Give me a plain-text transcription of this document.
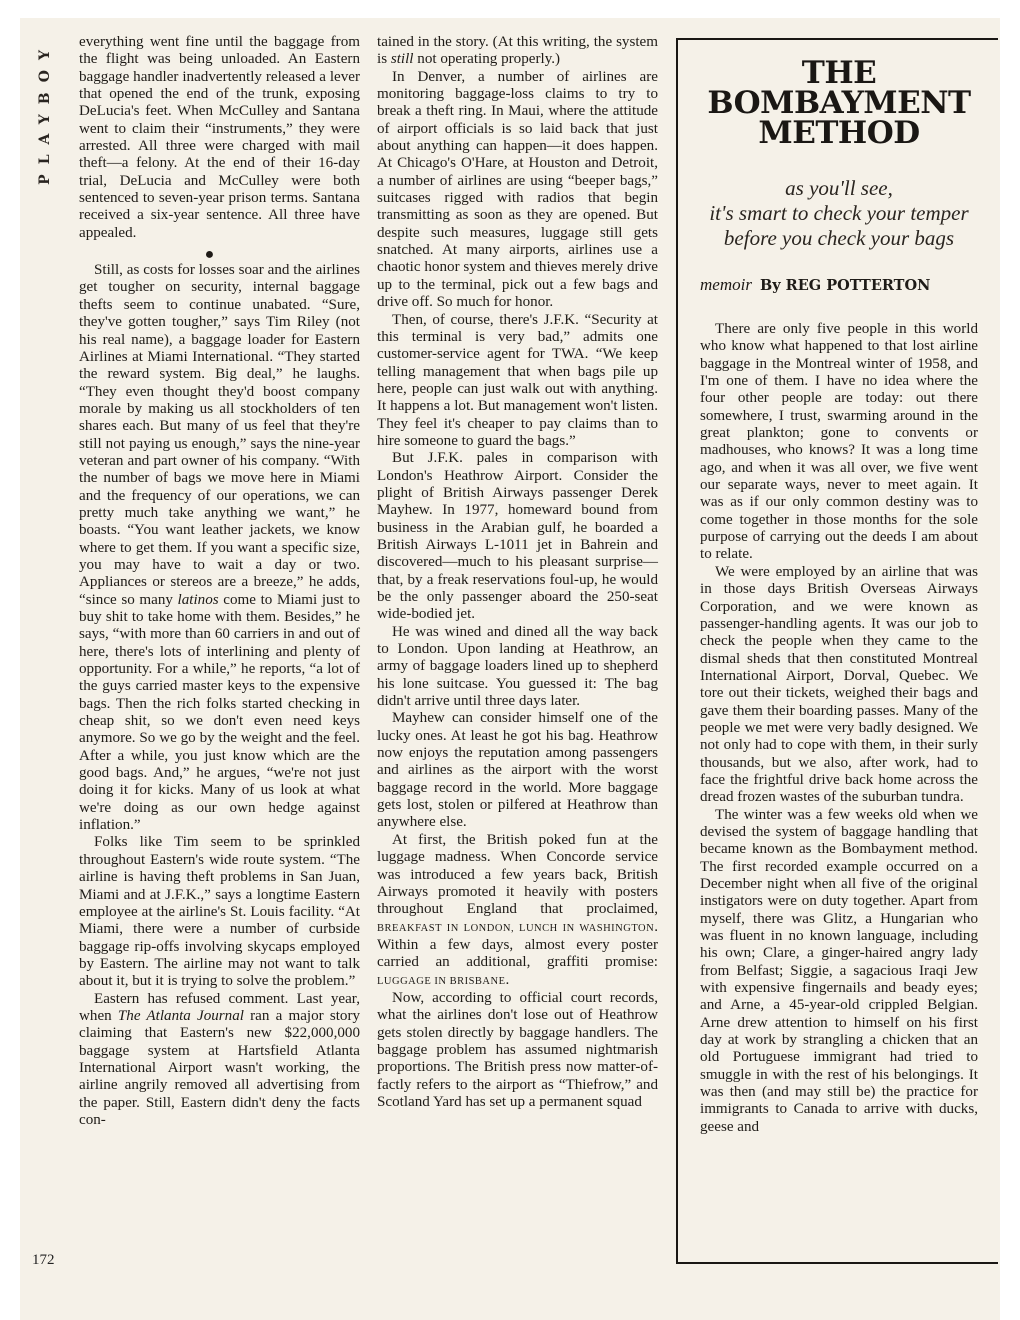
PLAYBOY everything went fine until the baggage from the flight was being unloaded. An Eastern baggage handler inadvertently released a lever that opened the end of the trunk, exposing DeLucia's feet. When McCulley and Santana went to claim their “instruments,” they were arrested. All three were charged with mail theft—a felony. At the end of their 16-day trial, DeLucia and McCulley were both sentenced to seven-year prison terms. Santana received a six-year sentence. All three have appealed.

●

Still, as costs for losses soar and the airlines get tougher on security, internal baggage thefts seem to continue unabated. “Sure, they've gotten tougher,” says Tim Riley (not his real name), a baggage loader for Eastern Airlines at Miami International. “They started the reward system. Big deal,” he laughs. “They even thought they'd boost company morale by making us all stockholders of ten shares each. But many of us feel that they're still not paying us enough,” says the nine-year veteran and part owner of his company. “With the number of bags we move here in Miami and the frequency of our operations, we can pretty much take anything we want,” he boasts. “You want leather jackets, we know where to get them. If you want a specific size, you may have to wait a day or two. Appliances or stereos are a breeze,” he adds, “since so many latinos come to Miami just to buy shit to take home with them. Besides,” he says, “with more than 60 carriers in and out of here, there's lots of interlining and plenty of opportunity. For a while,” he reports, “a lot of the guys carried master keys to the expensive bags. Then the rich folks started checking in cheap shit, so we don't even need keys anymore. So we go by the weight and the feel. After a while, you just know which are the good bags. And,” he argues, “we're not just doing it for kicks. Many of us look at what we're doing as our own hedge against inflation.”

Folks like Tim seem to be sprinkled throughout Eastern's wide route system. “The airline is having theft problems in San Juan, Miami and at J.F.K.,” says a longtime Eastern employee at the airline's St. Louis facility. “At Miami, there were a number of curbside baggage rip-offs involving skycaps employed by Eastern. The airline may not want to talk about it, but it is trying to solve the problem.”

Eastern has refused comment. Last year, when The Atlanta Journal ran a major story claiming that Eastern's new $22,000,000 baggage system at Hartsfield Atlanta International Airport wasn't working, the airline angrily removed all advertising from the paper. Still, Eastern didn't deny the facts con-

tained in the story. (At this writing, the system is still not operating properly.)

In Denver, a number of airlines are monitoring baggage-loss claims to try to break a theft ring. In Maui, where the attitude of airport officials is so laid back that just about anything can happen—it does happen. At Chicago's O'Hare, at Houston and Detroit, a number of airlines are using “beeper bags,” suitcases rigged with radios that begin transmitting as soon as they are opened. But despite such measures, luggage still gets snatched. At many airports, airlines use a chaotic honor system and thieves merely drive up to the terminal, pick out a few bags and drive off. So much for honor.

Then, of course, there's J.F.K. “Security at this terminal is very bad,” admits one customer-service agent for TWA. “We keep telling management that when bags pile up here, people can just walk out with anything. It happens a lot. But management won't listen. They feel it's cheaper to pay claims than to hire someone to guard the bags.”

But J.F.K. pales in comparison with London's Heathrow Airport. Consider the plight of British Airways passenger Derek Mayhew. In 1977, homeward bound from business in the Arabian gulf, he boarded a British Airways L-1011 jet in Bahrein and discovered—much to his pleasant surprise—that, by a freak reservations foul-up, he would be the only passenger aboard the 250-seat wide-bodied jet.

He was wined and dined all the way back to London. Upon landing at Heathrow, an army of baggage loaders lined up to shepherd his lone suitcase. You guessed it: The bag didn't arrive until three days later.

Mayhew can consider himself one of the lucky ones. At least he got his bag. Heathrow now enjoys the reputation among passengers and airlines as the airport with the worst baggage record in the world. More baggage gets lost, stolen or pilfered at Heathrow than anywhere else.

At first, the British poked fun at the luggage madness. When Concorde service was introduced a few years back, British Airways promoted it heavily with posters throughout England that proclaimed, BREAKFAST IN LONDON, LUNCH IN WASHINGTON. Within a few days, almost every poster carried an additional, graffiti promise: LUGGAGE IN BRISBANE.

Now, according to official court records, what the airlines don't lose out of Heathrow gets stolen directly by baggage handlers. The baggage problem has assumed nightmarish proportions. The British press now matter-of-factly refers to the airport as “Thiefrow,” and Scotland Yard has set up a permanent squad

THE
BOMBAYMENT
METHOD
as you'll see,
it's smart to check your temper
before you check your bags
memoir By REG POTTERTON

There are only five people in this world who know what happened to that lost airline baggage in the Montreal winter of 1958, and I'm one of them. I have no idea where the four other people are today: out there somewhere, I trust, swarming around in the great plankton; gone to convents or madhouses, who knows? It was a long time ago, and when it was all over, we five went our separate ways, never to meet again. It was as if our only common destiny was to come together in those months for the sole purpose of carrying out the deeds I am about to relate.

We were employed by an airline that was in those days British Overseas Airways Corporation, and we were known as passenger-handling agents. It was our job to check the people when they came to the dismal sheds that then constituted Montreal International Airport, Dorval, Quebec. We tore out their tickets, weighed their bags and gave them their boarding passes. Many of the people we met were very badly designed. We not only had to cope with them, in their surly thousands, but we also, after work, had to face the frightful drive back home across the dread frozen wastes of the suburban tundra.

The winter was a few weeks old when we devised the system of baggage handling that became known as the Bombayment method. The first recorded example occurred on a December night when all five of the original instigators were on duty together. Apart from myself, there was Glitz, a Hungarian who was fluent in no known language, including his own; Clare, a ginger-haired angry lady from Belfast; Siggie, a sagacious Iraqi Jew with expensive fingernails and beady eyes; and Arne, a 45-year-old crippled Belgian. Arne drew attention to himself on his first day at work by strangling a chicken that an old Portuguese immigrant had tried to smuggle in with the rest of his belongings. It was then (and may still be) the practice for immigrants to Canada to arrive with ducks, geese and

172
